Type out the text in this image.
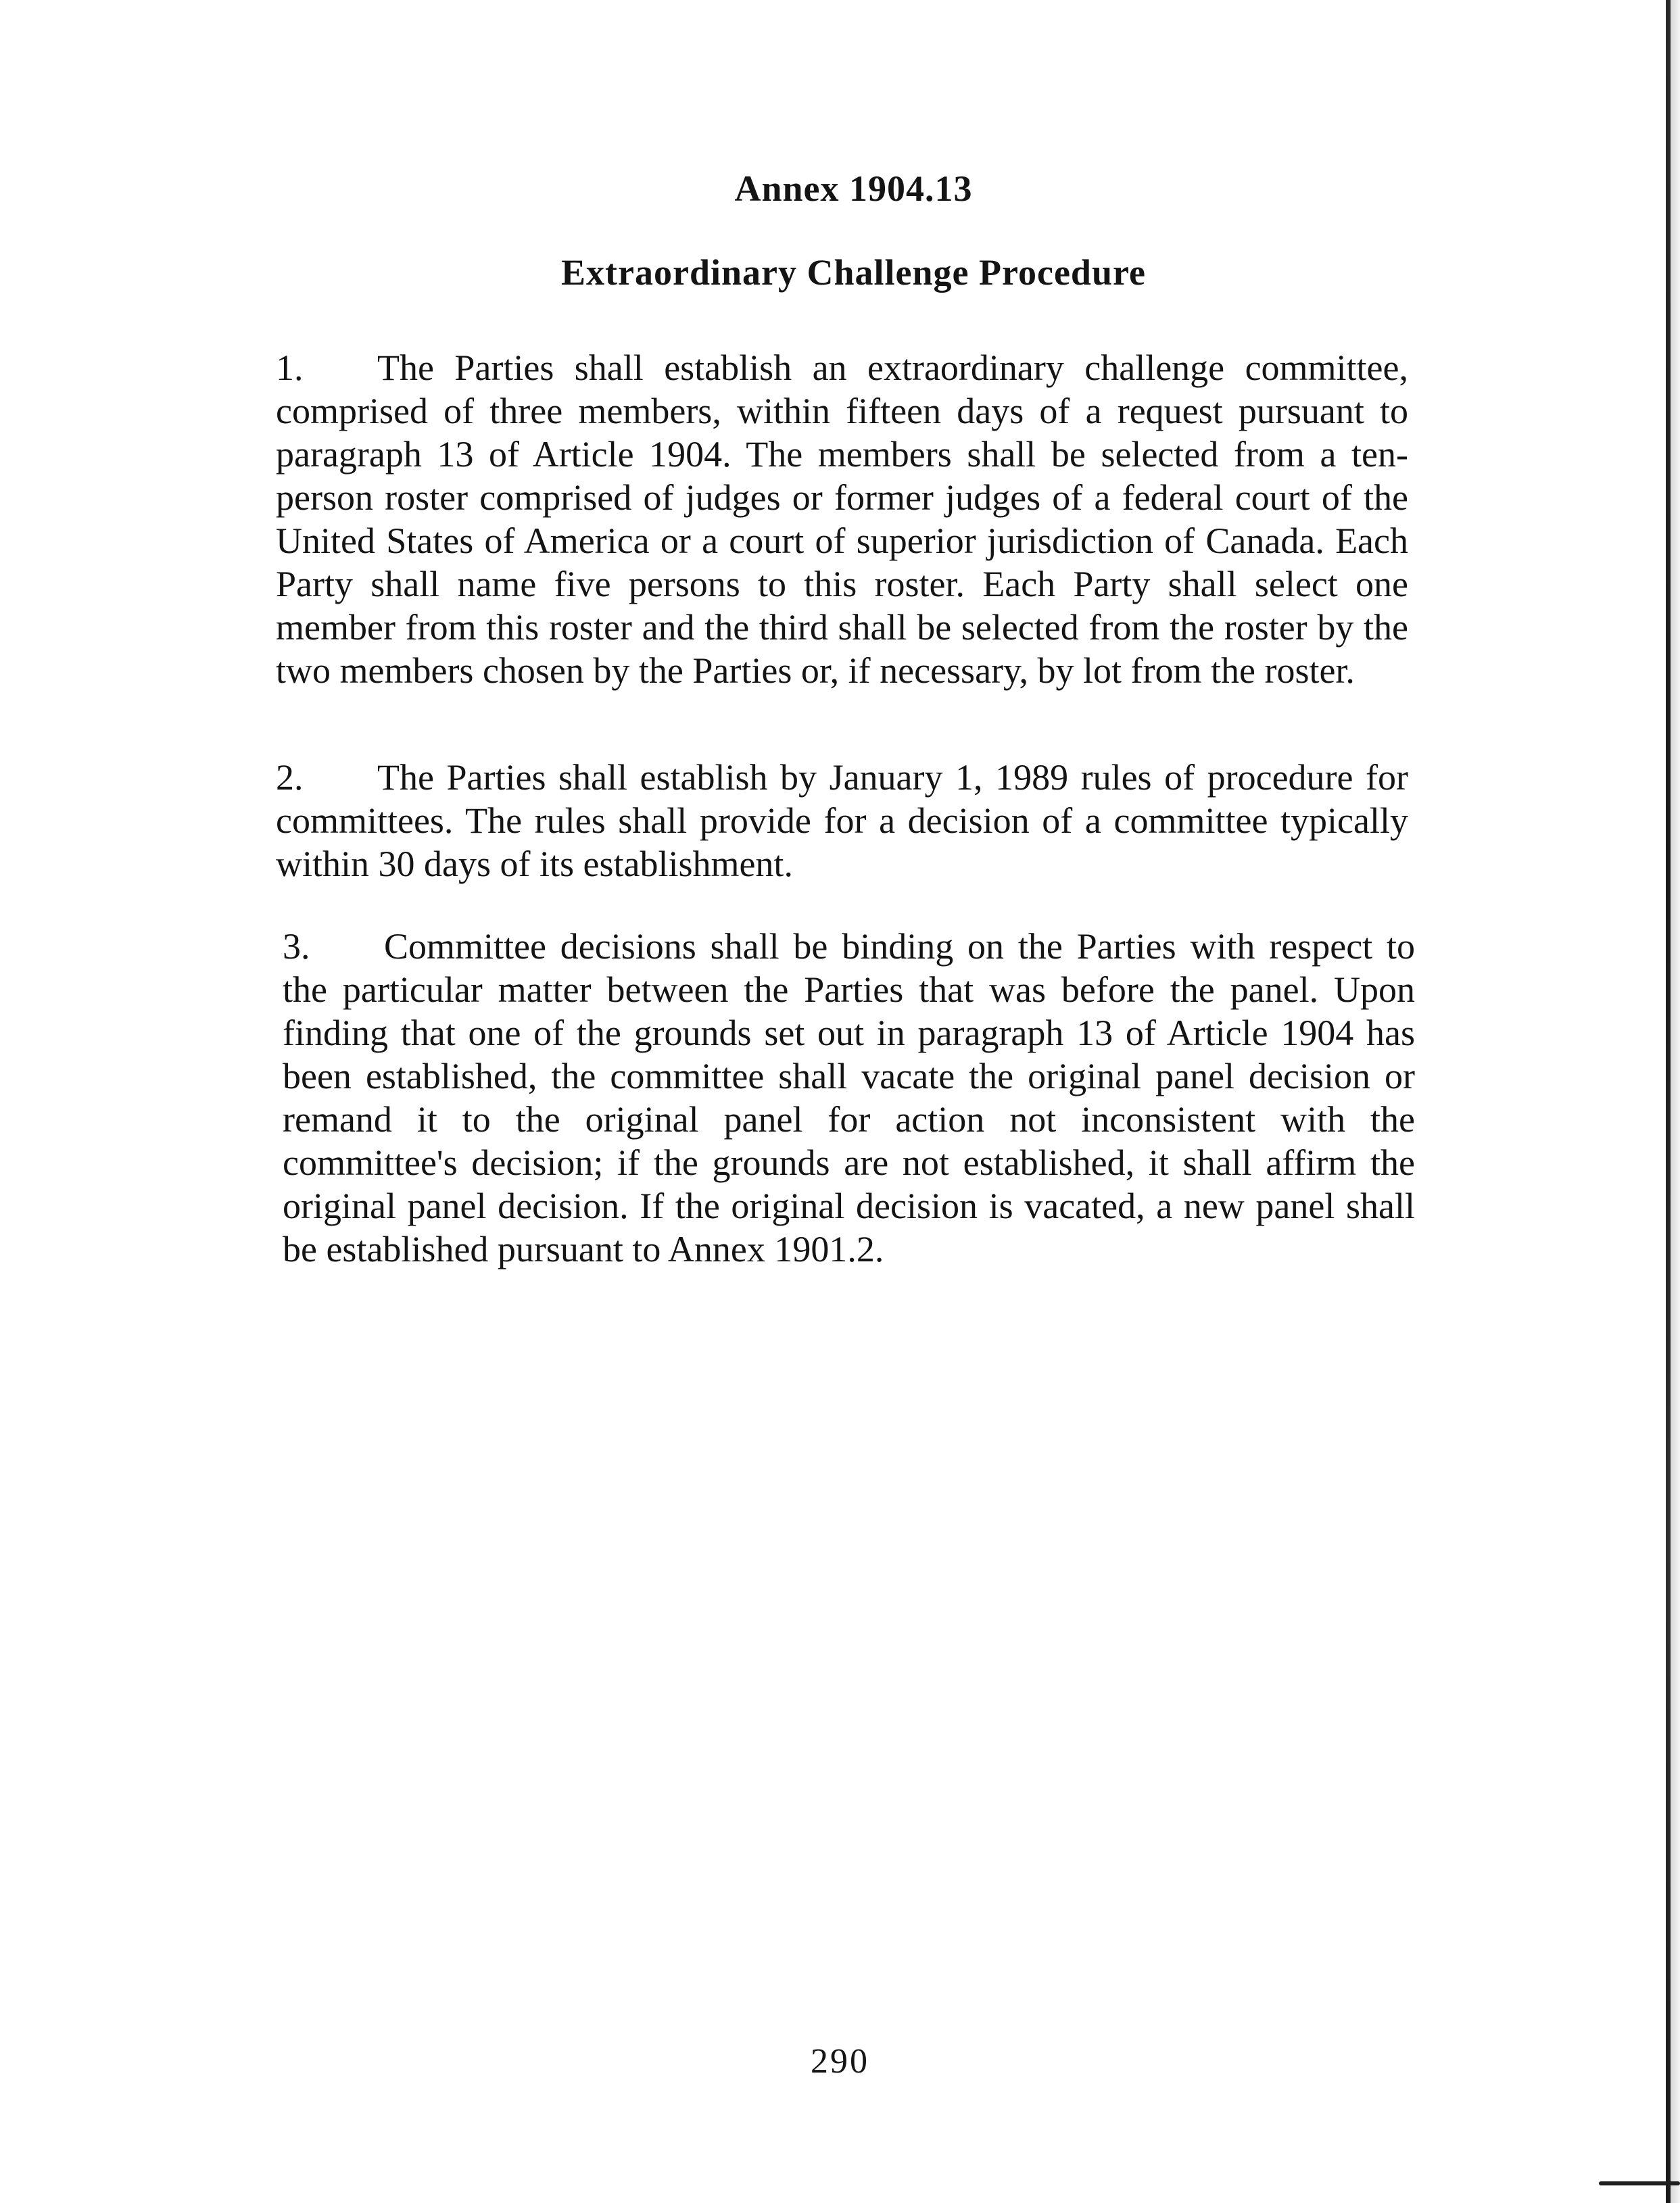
Annex 1904.13
Extraordinary Challenge Procedure

1. The Parties shall establish an extraordinary challenge committee, comprised of three members, within fifteen days of a request pursuant to paragraph 13 of Article 1904. The members shall be selected from a ten-person roster comprised of judges or former judges of a federal court of the United States of America or a court of superior jurisdiction of Canada. Each Party shall name five persons to this roster. Each Party shall select one member from this roster and the third shall be selected from the roster by the two members chosen by the Parties or, if necessary, by lot from the roster.

2. The Parties shall establish by January 1, 1989 rules of procedure for committees. The rules shall provide for a decision of a committee typically within 30 days of its establishment.

3. Committee decisions shall be binding on the Parties with respect to the particular matter between the Parties that was before the panel. Upon finding that one of the grounds set out in paragraph 13 of Article 1904 has been established, the committee shall vacate the original panel decision or remand it to the original panel for action not inconsistent with the committee's decision; if the grounds are not established, it shall affirm the original panel decision. If the original decision is vacated, a new panel shall be established pursuant to Annex 1901.2.

290
